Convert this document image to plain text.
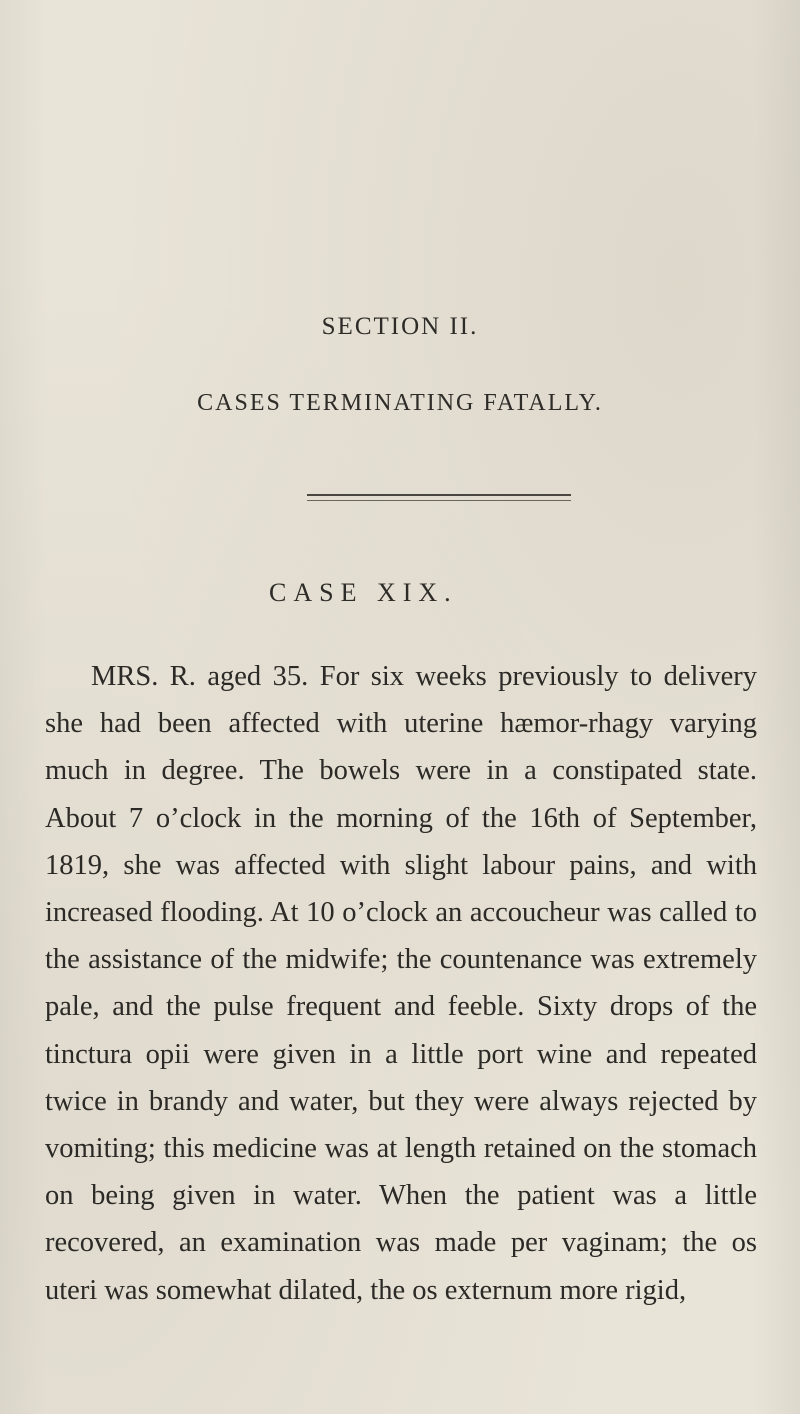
SECTION II.
CASES TERMINATING FATALLY.
CASE XIX.

MRS. R. aged 35. For six weeks previously to delivery she had been affected with uterine hæmor-rhagy varying much in degree. The bowels were in a constipated state. About 7 o’clock in the morning of the 16th of September, 1819, she was affected with slight labour pains, and with increased flooding. At 10 o’clock an accoucheur was called to the assistance of the midwife; the countenance was extremely pale, and the pulse frequent and feeble. Sixty drops of the tinctura opii were given in a little port wine and repeated twice in brandy and water, but they were always rejected by vomiting; this medicine was at length retained on the stomach on being given in water. When the patient was a little recovered, an examination was made per vaginam; the os uteri was somewhat dilated, the os externum more rigid,
